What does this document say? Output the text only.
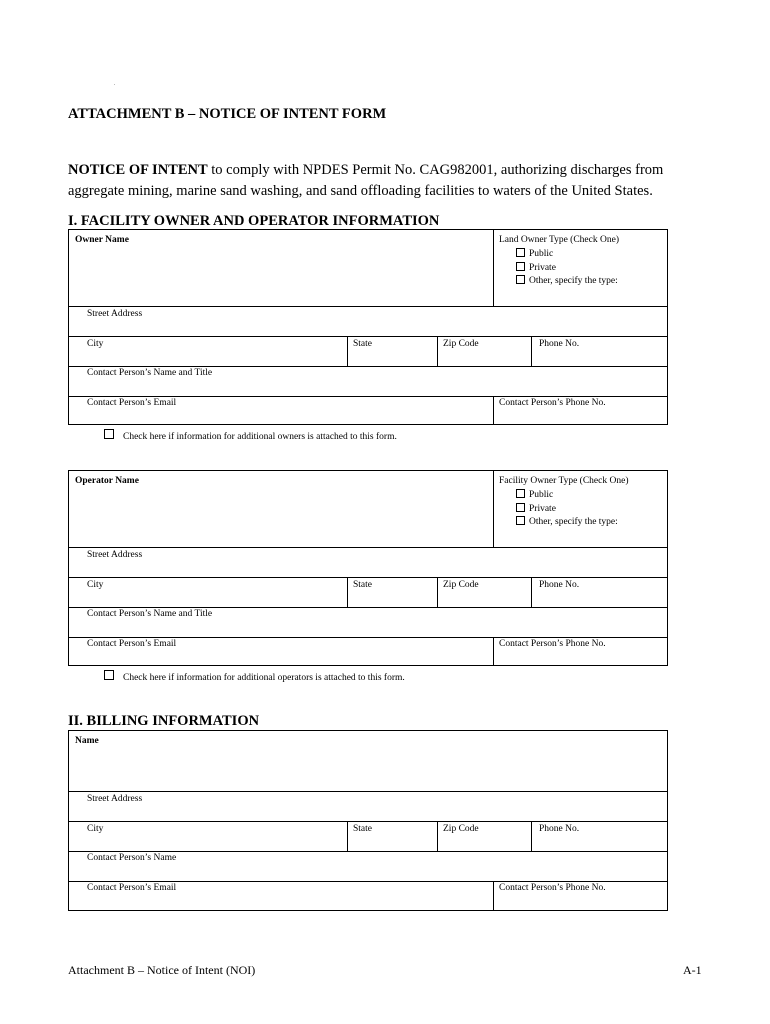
ATTACHMENT B – NOTICE OF INTENT FORM
NOTICE OF INTENT to comply with NPDES Permit No. CAG982001, authorizing discharges from aggregate mining, marine sand washing, and sand offloading facilities to waters of the United States.
I. FACILITY OWNER AND OPERATOR INFORMATION
Owner Name	Land Owner Type (Check One)
Public
Private
Other, specify the type:
Street Address
City	State	Zip Code	Phone No.
Contact Person’s Name and Title
Contact Person’s Email	Contact Person’s Phone No.
Check here if information for additional owners is attached to this form.
Operator Name	Facility Owner Type (Check One)
Public
Private
Other, specify the type:
Street Address
City	State	Zip Code	Phone No.
Contact Person’s Name and Title
Contact Person’s Email	Contact Person’s Phone No.
Check here if information for additional operators is attached to this form.
II. BILLING INFORMATION
Name
Street Address
City	State	Zip Code	Phone No.
Contact Person’s Name
Contact Person’s Email	Contact Person’s Phone No.
Attachment B – Notice of Intent (NOI)	A-1
